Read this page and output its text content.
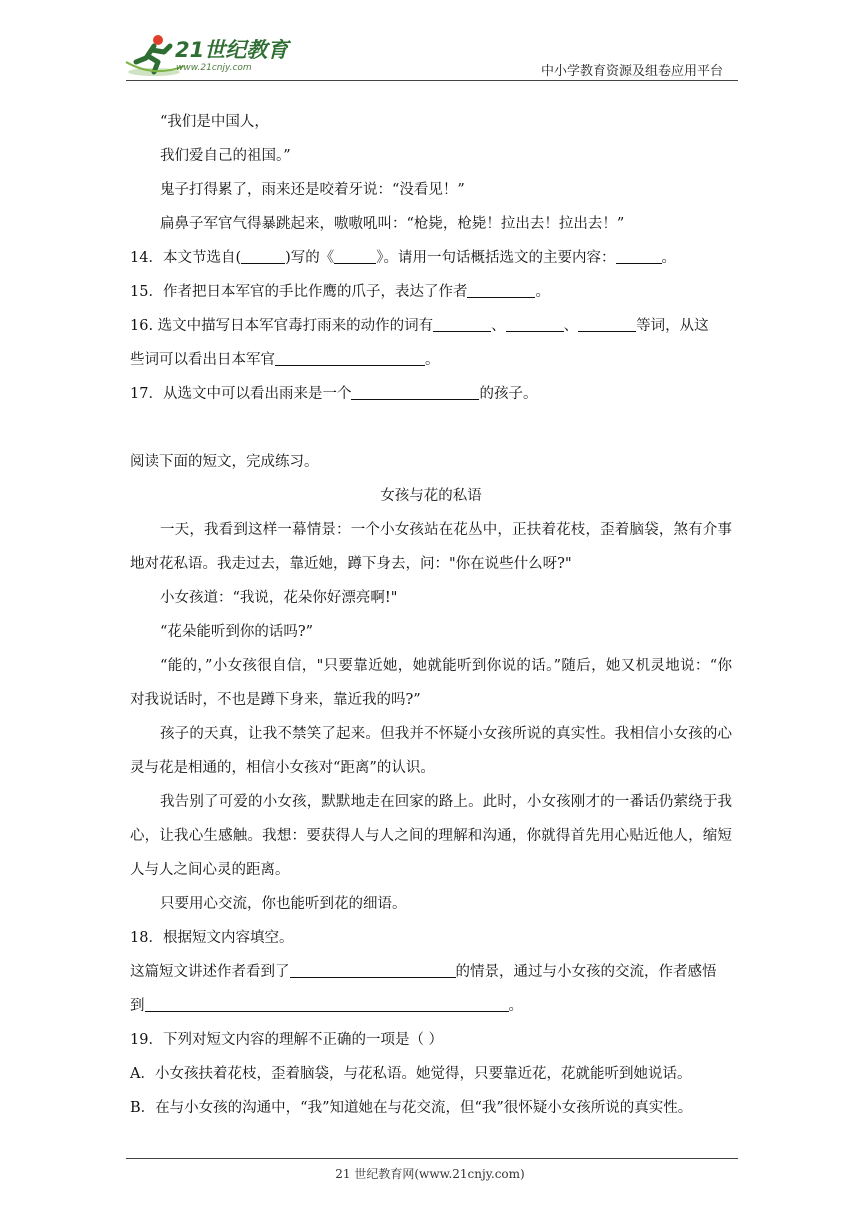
21世纪教育
www.21cnjy.com	中小学教育资源及组卷应用平台

“我们是中国人，

我们爱自己的祖国。”

鬼子打得累了，雨来还是咬着牙说：“没看见！”

扁鼻子军官气得暴跳起来，嗷嗷吼叫：“枪毙，枪毙！拉出去！拉出去！”

14．本文节选自(	)写的《	》。请用一句话概括选文的主要内容：	。

15．作者把日本军官的手比作鹰的爪子，表达了作者	。

16. 选文中描写日本军官毒打雨来的动作的词有	、	、	等词，从这

些词可以看出日本军官	。

17．从选文中可以看出雨来是一个	的孩子。

阅读下面的短文，完成练习。

女孩与花的私语

一天，我看到这样一幕情景：一个小女孩站在花丛中，正扶着花枝，歪着脑袋，煞有介事地对花私语。我走过去，靠近她，蹲下身去，问："你在说些什么呀?"

小女孩道：“我说，花朵你好漂亮啊!"

“花朵能听到你的话吗?”

“能的，”小女孩很自信，"只要靠近她，她就能听到你说的话。”随后，她又机灵地说：“你对我说话时，不也是蹲下身来，靠近我的吗?”

孩子的天真，让我不禁笑了起来。但我并不怀疑小女孩所说的真实性。我相信小女孩的心灵与花是相通的，相信小女孩对“距离”的认识。

我告别了可爱的小女孩，默默地走在回家的路上。此时，小女孩刚才的一番话仍萦绕于我心，让我心生感触。我想：要获得人与人之间的理解和沟通，你就得首先用心贴近他人，缩短人与人之间心灵的距离。

只要用心交流，你也能听到花的细语。

18．根据短文内容填空。

这篇短文讲述作者看到了	的情景，通过与小女孩的交流，作者感悟

到	。

19．下列对短文内容的理解不正确的一项是（ ）

A．小女孩扶着花枝，歪着脑袋，与花私语。她觉得，只要靠近花，花就能听到她说话。

B．在与小女孩的沟通中，“我”知道她在与花交流，但“我”很怀疑小女孩所说的真实性。

21 世纪教育网(www.21cnjy.com)
